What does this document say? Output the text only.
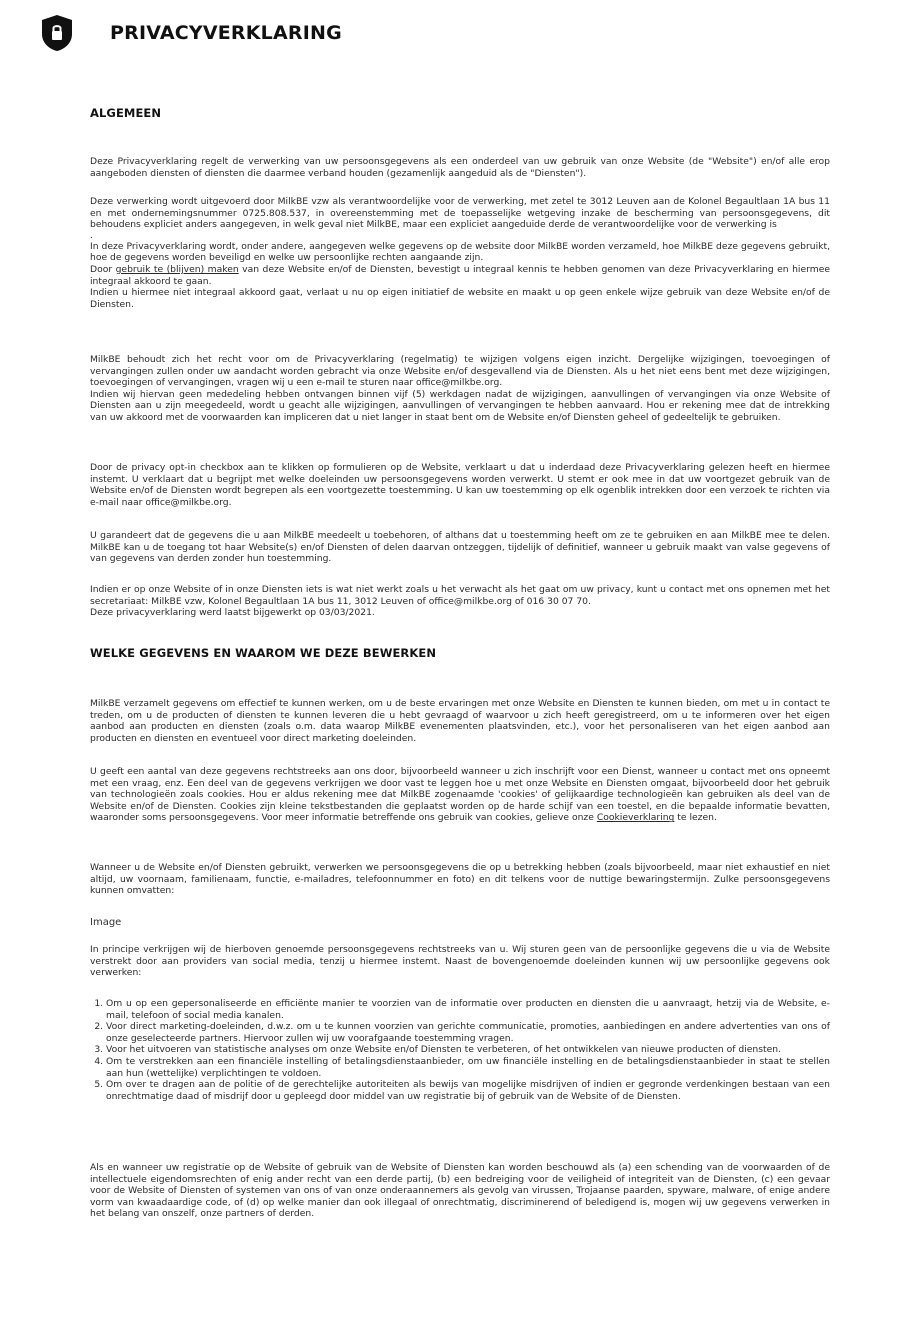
PRIVACYVERKLARING
ALGEMEEN

Deze Privacyverklaring regelt de verwerking van uw persoonsgegevens als een onderdeel van uw gebruik van onze Website (de "Website") en/of alle erop aangeboden diensten of diensten die daarmee verband houden (gezamenlijk aangeduid als de "Diensten").

Deze verwerking wordt uitgevoerd door MilkBE vzw als verantwoordelijke voor de verwerking, met zetel te 3012 Leuven aan de Kolonel Begaultlaan 1A bus 11 en met ondernemingsnummer 0725.808.537, in overeenstemming met de toepasselijke wetgeving inzake de bescherming van persoonsgegevens, dit behoudens expliciet anders aangegeven, in welk geval niet MilkBE, maar een expliciet aangeduide derde de verantwoordelijke voor de verwerking is

.

In deze Privacyverklaring wordt, onder andere, aangegeven welke gegevens op de website door MilkBE worden verzameld, hoe MilkBE deze gegevens gebruikt, hoe de gegevens worden beveiligd en welke uw persoonlijke rechten aangaande zijn.

Door gebruik te (blijven) maken van deze Website en/of de Diensten, bevestigt u integraal kennis te hebben genomen van deze Privacyverklaring en hiermee integraal akkoord te gaan.

Indien u hiermee niet integraal akkoord gaat, verlaat u nu op eigen initiatief de website en maakt u op geen enkele wijze gebruik van deze Website en/of de Diensten.

MilkBE behoudt zich het recht voor om de Privacyverklaring (regelmatig) te wijzigen volgens eigen inzicht. Dergelijke wijzigingen, toevoegingen of vervangingen zullen onder uw aandacht worden gebracht via onze Website en/of desgevallend via de Diensten. Als u het niet eens bent met deze wijzigingen, toevoegingen of vervangingen, vragen wij u een e-mail te sturen naar office@milkbe.org.

Indien wij hiervan geen mededeling hebben ontvangen binnen vijf (5) werkdagen nadat de wijzigingen, aanvullingen of vervangingen via onze Website of Diensten aan u zijn meegedeeld, wordt u geacht alle wijzigingen, aanvullingen of vervangingen te hebben aanvaard. Hou er rekening mee dat de intrekking van uw akkoord met de voorwaarden kan impliceren dat u niet langer in staat bent om de Website en/of Diensten geheel of gedeeltelijk te gebruiken.

Door de privacy opt-in checkbox aan te klikken op formulieren op de Website, verklaart u dat u inderdaad deze Privacyverklaring gelezen heeft en hiermee instemt. U verklaart dat u begrijpt met welke doeleinden uw persoonsgegevens worden verwerkt. U stemt er ook mee in dat uw voortgezet gebruik van de Website en/of de Diensten wordt begrepen als een voortgezette toestemming. U kan uw toestemming op elk ogenblik intrekken door een verzoek te richten via e-mail naar office@milkbe.org.

U garandeert dat de gegevens die u aan MilkBE meedeelt u toebehoren, of althans dat u toestemming heeft om ze te gebruiken en aan MilkBE mee te delen. MilkBE kan u de toegang tot haar Website(s) en/of Diensten of delen daarvan ontzeggen, tijdelijk of definitief, wanneer u gebruik maakt van valse gegevens of van gegevens van derden zonder hun toestemming.

Indien er op onze Website of in onze Diensten iets is wat niet werkt zoals u het verwacht als het gaat om uw privacy, kunt u contact met ons opnemen met het secretariaat: MilkBE vzw, Kolonel Begaultlaan 1A bus 11, 3012 Leuven of office@milkbe.org of 016 30 07 70.

Deze privacyverklaring werd laatst bijgewerkt op 03/03/2021.

WELKE GEGEVENS EN WAAROM WE DEZE BEWERKEN

MilkBE verzamelt gegevens om effectief te kunnen werken, om u de beste ervaringen met onze Website en Diensten te kunnen bieden, om met u in contact te treden, om u de producten of diensten te kunnen leveren die u hebt gevraagd of waarvoor u zich heeft geregistreerd, om u te informeren over het eigen aanbod aan producten en diensten (zoals o.m. data waarop MilkBE evenementen plaatsvinden, etc.), voor het personaliseren van het eigen aanbod aan producten en diensten en eventueel voor direct marketing doeleinden.

U geeft een aantal van deze gegevens rechtstreeks aan ons door, bijvoorbeeld wanneer u zich inschrijft voor een Dienst, wanneer u contact met ons opneemt met een vraag, enz. Een deel van de gegevens verkrijgen we door vast te leggen hoe u met onze Website en Diensten omgaat, bijvoorbeeld door het gebruik van technologieën zoals cookies. Hou er aldus rekening mee dat MilkBE zogenaamde 'cookies' of gelijkaardige technologieën kan gebruiken als deel van de Website en/of de Diensten. Cookies zijn kleine tekstbestanden die geplaatst worden op de harde schijf van een toestel, en die bepaalde informatie bevatten, waaronder soms persoonsgegevens. Voor meer informatie betreffende ons gebruik van cookies, gelieve onze Cookieverklaring te lezen.

Wanneer u de Website en/of Diensten gebruikt, verwerken we persoonsgegevens die op u betrekking hebben (zoals bijvoorbeeld, maar niet exhaustief en niet altijd, uw voornaam, familienaam, functie, e-mailadres, telefoonnummer en foto) en dit telkens voor de nuttige bewaringstermijn. Zulke persoonsgegevens kunnen omvatten:

Image

In principe verkrijgen wij de hierboven genoemde persoonsgegevens rechtstreeks van u. Wij sturen geen van de persoonlijke gegevens die u via de Website verstrekt door aan providers van social media, tenzij u hiermee instemt. Naast de bovengenoemde doeleinden kunnen wij uw persoonlijke gegevens ook verwerken:

1. Om u op een gepersonaliseerde en efficiënte manier te voorzien van de informatie over producten en diensten die u aanvraagt, hetzij via de Website, e-mail, telefoon of social media kanalen.
2. Voor direct marketing-doeleinden, d.w.z. om u te kunnen voorzien van gerichte communicatie, promoties, aanbiedingen en andere advertenties van ons of onze geselecteerde partners. Hiervoor zullen wij uw voorafgaande toestemming vragen.
3. Voor het uitvoeren van statistische analyses om onze Website en/of Diensten te verbeteren, of het ontwikkelen van nieuwe producten of diensten.
4. Om te verstrekken aan een financiële instelling of betalingsdienstaanbieder, om uw financiële instelling en de betalingsdienstaanbieder in staat te stellen aan hun (wettelijke) verplichtingen te voldoen.
5. Om over te dragen aan de politie of de gerechtelijke autoriteiten als bewijs van mogelijke misdrijven of indien er gegronde verdenkingen bestaan van een onrechtmatige daad of misdrijf door u gepleegd door middel van uw registratie bij of gebruik van de Website of de Diensten.

Als en wanneer uw registratie op de Website of gebruik van de Website of Diensten kan worden beschouwd als (a) een schending van de voorwaarden of de intellectuele eigendomsrechten of enig ander recht van een derde partij, (b) een bedreiging voor de veiligheid of integriteit van de Diensten, (c) een gevaar voor de Website of Diensten of systemen van ons of van onze onderaannemers als gevolg van virussen, Trojaanse paarden, spyware, malware, of enige andere vorm van kwaadaardige code, of (d) op welke manier dan ook illegaal of onrechtmatig, discriminerend of beledigend is, mogen wij uw gegevens verwerken in het belang van onszelf, onze partners of derden.
